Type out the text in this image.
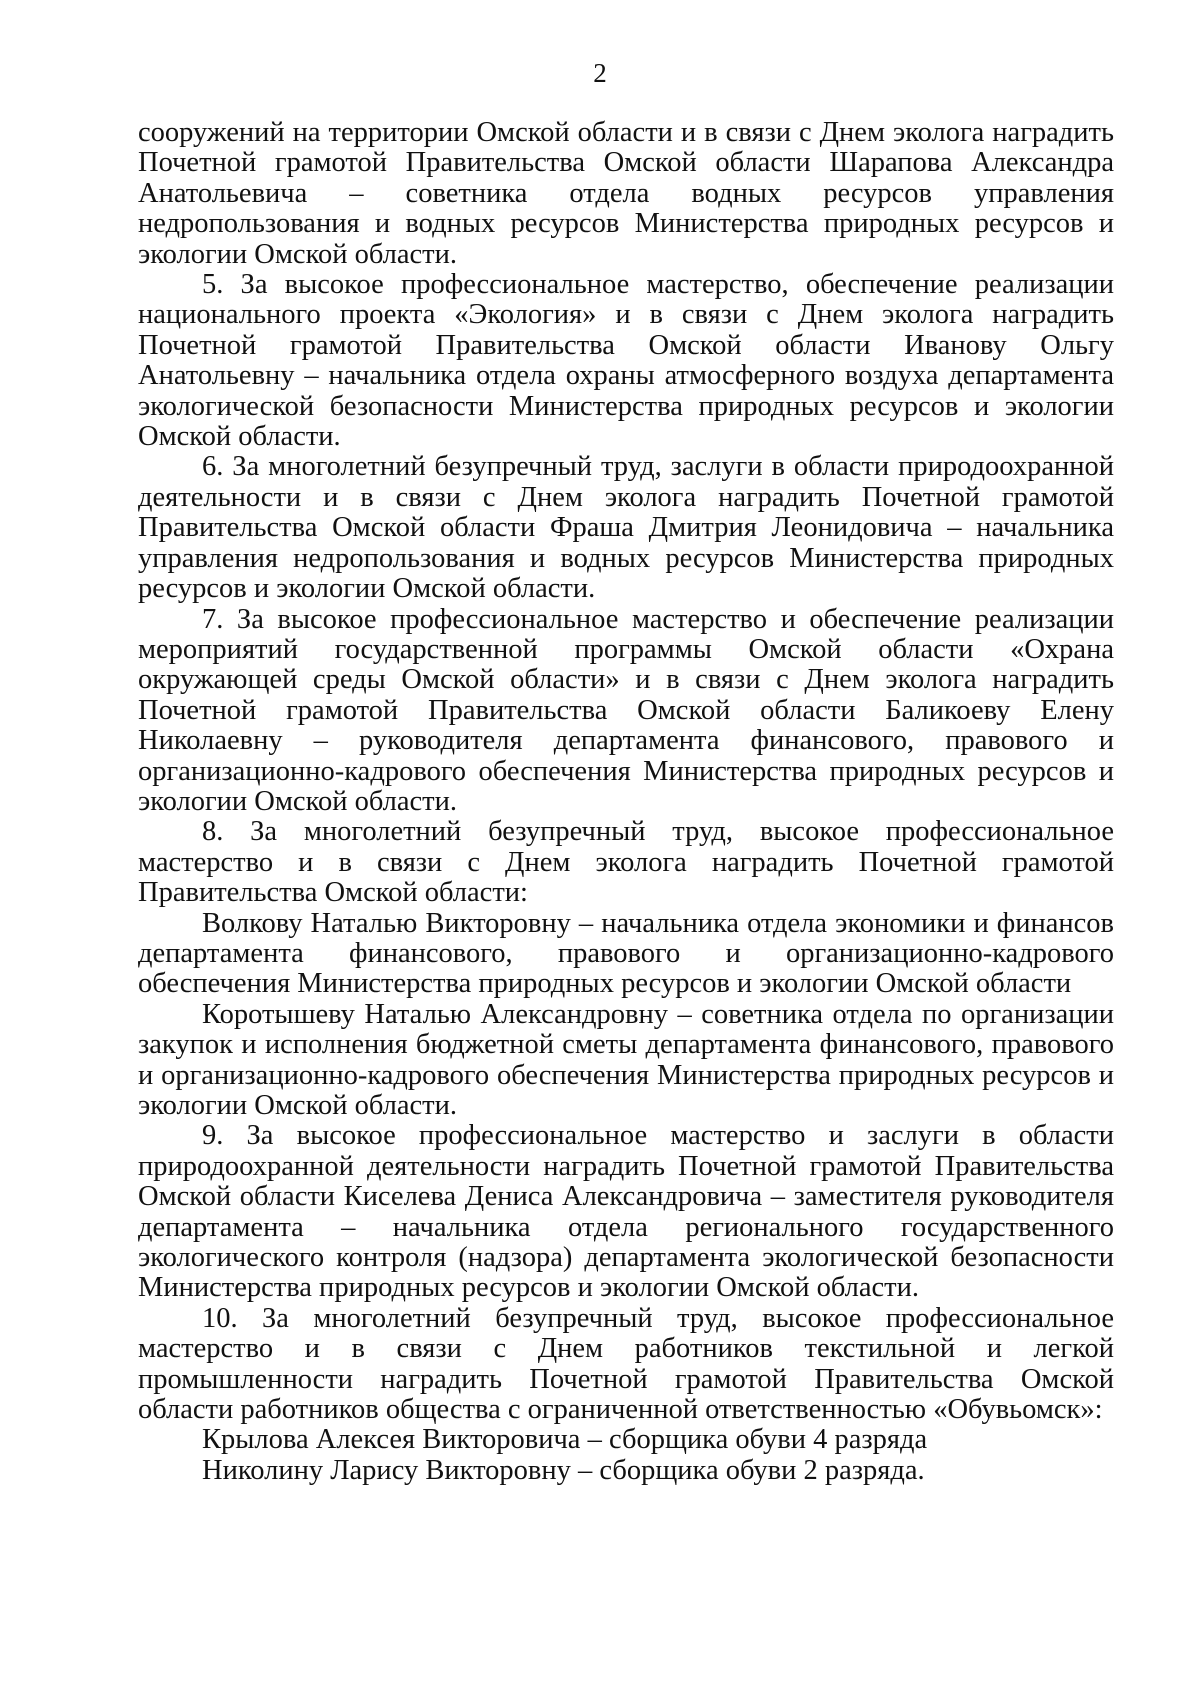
2

сооружений на территории Омской области и в связи с Днем эколога наградить Почетной грамотой Правительства Омской области Шарапова Александра Анатольевича – советника отдела водных ресурсов управления недропользования и водных ресурсов Министерства природных ресурсов и экологии Омской области.

5. За высокое профессиональное мастерство, обеспечение реализации национального проекта «Экология» и в связи с Днем эколога наградить Почетной грамотой Правительства Омской области Иванову Ольгу Анатольевну – начальника отдела охраны атмосферного воздуха департамента экологической безопасности Министерства природных ресурсов и экологии Омской области.

6. За многолетний безупречный труд, заслуги в области природоохранной деятельности и в связи с Днем эколога наградить Почетной грамотой Правительства Омской области Фраша Дмитрия Леонидовича – начальника управления недропользования и водных ресурсов Министерства природных ресурсов и экологии Омской области.

7. За высокое профессиональное мастерство и обеспечение реализации мероприятий государственной программы Омской области «Охрана окружающей среды Омской области» и в связи с Днем эколога наградить Почетной грамотой Правительства Омской области Баликоеву Елену Николаевну – руководителя департамента финансового, правового и организационно-кадрового обеспечения Министерства природных ресурсов и экологии Омской области.

8. За многолетний безупречный труд, высокое профессиональное мастерство и в связи с Днем эколога наградить Почетной грамотой Правительства Омской области:

Волкову Наталью Викторовну – начальника отдела экономики и финансов департамента финансового, правового и организационно-кадрового обеспечения Министерства природных ресурсов и экологии Омской области

Коротышеву Наталью Александровну – советника отдела по организации закупок и исполнения бюджетной сметы департамента финансового, правового и организационно-кадрового обеспечения Министерства природных ресурсов и экологии Омской области.

9. За высокое профессиональное мастерство и заслуги в области природоохранной деятельности наградить Почетной грамотой Правительства Омской области Киселева Дениса Александровича – заместителя руководителя департамента – начальника отдела регионального государственного экологического контроля (надзора) департамента экологической безопасности Министерства природных ресурсов и экологии Омской области.

10. За многолетний безупречный труд, высокое профессиональное мастерство и в связи с Днем работников текстильной и легкой промышленности наградить Почетной грамотой Правительства Омской области работников общества с ограниченной ответственностью «Обувьомск»:

Крылова Алексея Викторовича – сборщика обуви 4 разряда

Николину Ларису Викторовну – сборщика обуви 2 разряда.
